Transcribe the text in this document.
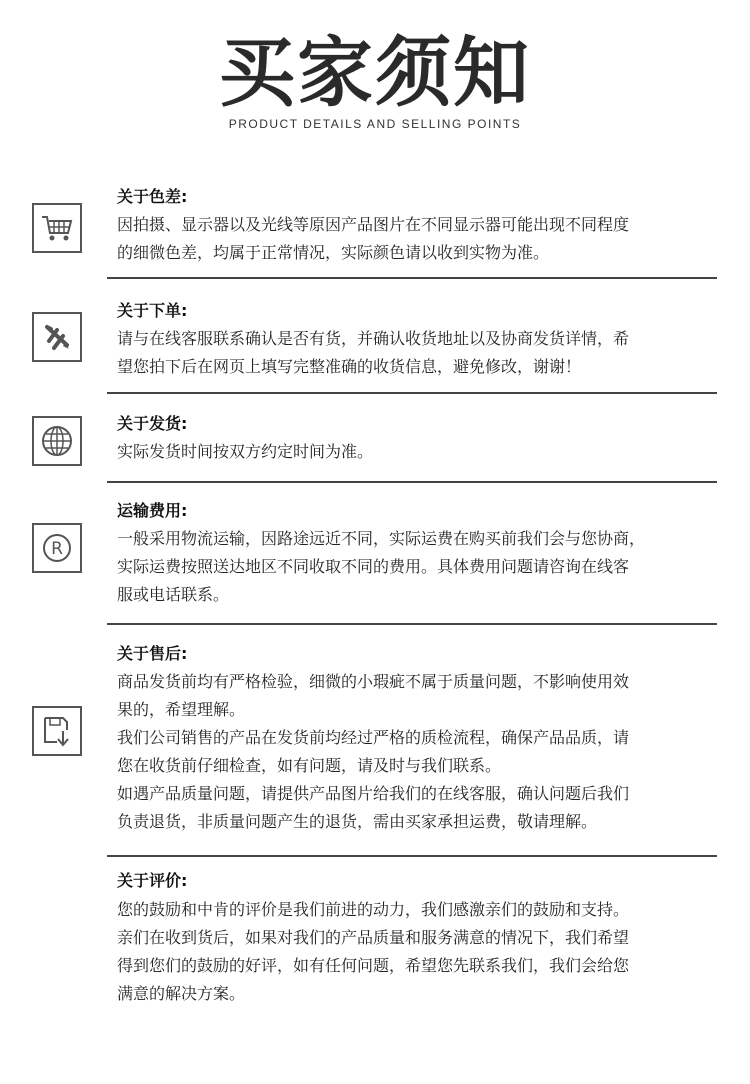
买家须知
PRODUCT DETAILS AND SELLING POINTS
关于色差:

因拍摄、显示器以及光线等原因产品图片在不同显示器可能出现不同程度

的细微色差，均属于正常情况，实际颜色请以收到实物为准。

关于下单:

请与在线客服联系确认是否有货，并确认收货地址以及协商发货详情，希

望您拍下后在网页上填写完整准确的收货信息，避免修改，谢谢！

关于发货:

实际发货时间按双方约定时间为准。

R
运输费用:

一般采用物流运输，因路途远近不同，实际运费在购买前我们会与您协商，

实际运费按照送达地区不同收取不同的费用。具体费用问题请咨询在线客

服或电话联系。

关于售后:

商品发货前均有严格检验，细微的小瑕疵不属于质量问题，不影响使用效

果的，希望理解。

我们公司销售的产品在发货前均经过严格的质检流程，确保产品品质，请

您在收货前仔细检查，如有问题，请及时与我们联系。

如遇产品质量问题，请提供产品图片给我们的在线客服，确认问题后我们

负责退货，非质量问题产生的退货，需由买家承担运费，敬请理解。

关于评价:

您的鼓励和中肯的评价是我们前进的动力，我们感激亲们的鼓励和支持。

亲们在收到货后，如果对我们的产品质量和服务满意的情况下，我们希望

得到您们的鼓励的好评，如有任何问题，希望您先联系我们，我们会给您

满意的解决方案。
